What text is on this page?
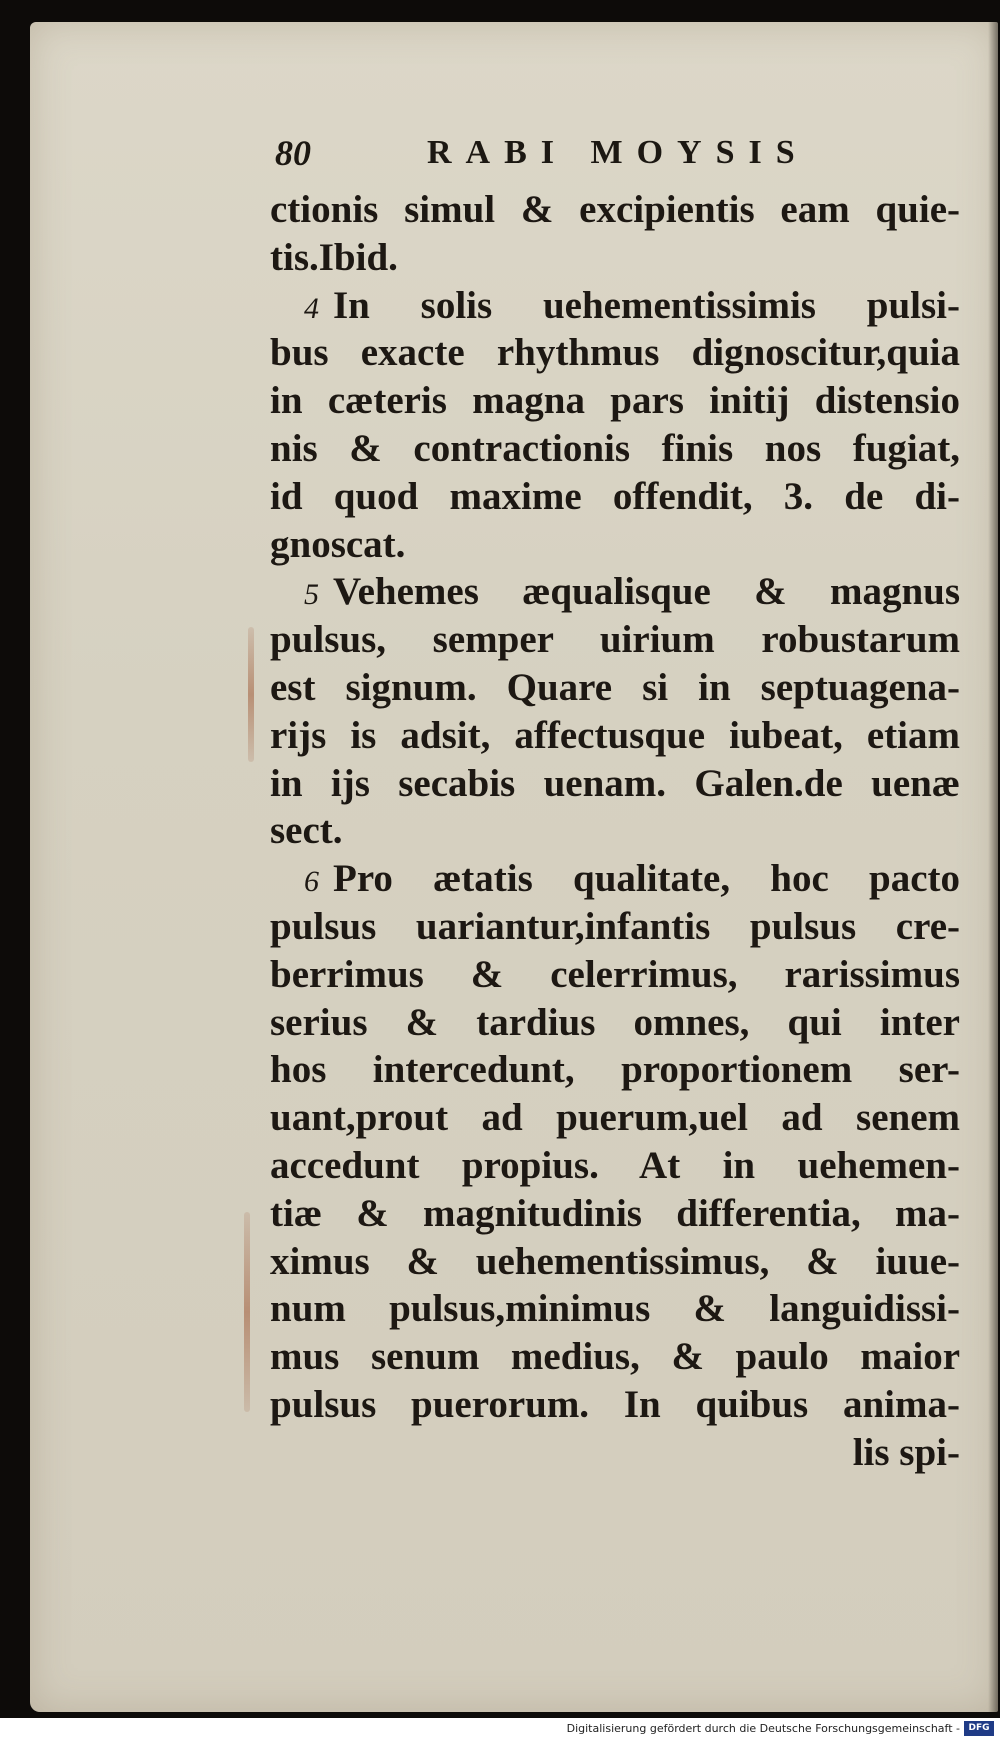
80	RABI MOYSIS
ctionis simul & excipientis eam quie-
tis.Ibid.
4 In solis uehementissimis pulsi-
bus exacte rhythmus dignoscitur,quia
in cæteris magna pars initij distensio
nis & contractionis finis nos fugiat,
id quod maxime offendit, 3. de di-
gnoscat.
5 Vehemes æqualisque & magnus
pulsus, semper uirium robustarum
est signum. Quare si in septuagena-
rijs is adsit, affectusque iubeat, etiam
in ijs secabis uenam. Galen.de uenæ
sect.
6 Pro ætatis qualitate, hoc pacto
pulsus uariantur,infantis pulsus cre-
berrimus & celerrimus, rarissimus
serius & tardius omnes, qui inter
hos intercedunt, proportionem ser-
uant,prout ad puerum,uel ad senem
accedunt propius. At in uehemen-
tiæ & magnitudinis differentia, ma-
ximus & uehementissimus, & iuue-
num pulsus,minimus & languidissi-
mus senum medius, & paulo maior
pulsus puerorum. In quibus anima-
lis spi-
Digitalisierung gefördert durch die Deutsche Forschungsgemeinschaft - DFG
